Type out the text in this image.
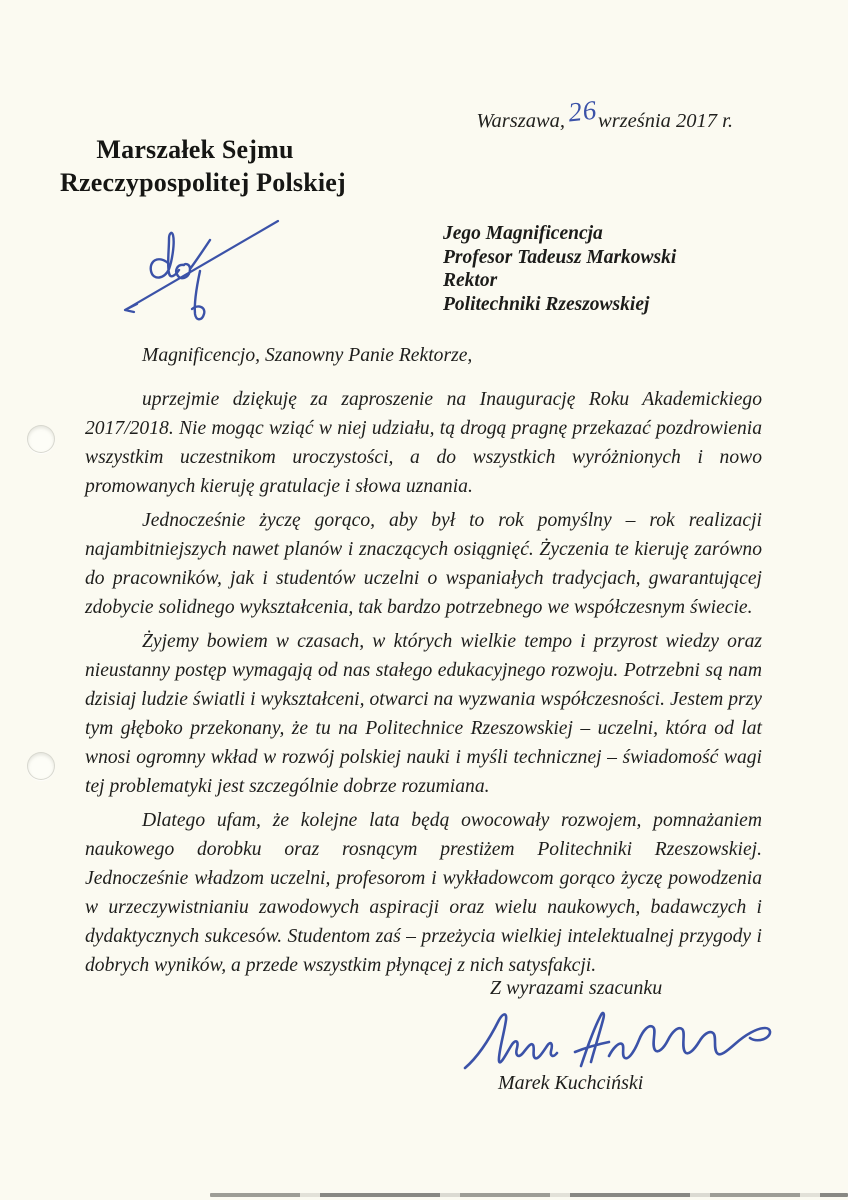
Warszawa,26września 2017 r.
Marszałek Sejmu
Rzeczypospolitej Polskiej
Jego Magnificencja
Profesor Tadeusz Markowski
Rektor
Politechniki Rzeszowskiej
Magnificencjo, Szanowny Panie Rektorze,

uprzejmie dziękuję za zaproszenie na Inaugurację Roku Akademickiego 2017/2018. Nie mogąc wziąć w niej udziału, tą drogą pragnę przekazać pozdrowienia wszystkim uczestnikom uroczystości, a do wszystkich wyróżnionych i nowo promowanych kieruję gratulacje i słowa uznania.

Jednocześnie życzę gorąco, aby był to rok pomyślny – rok realizacji najambitniejszych nawet planów i znaczących osiągnięć. Życzenia te kieruję zarówno do pracowników, jak i studentów uczelni o wspaniałych tradycjach, gwarantującej zdobycie solidnego wykształcenia, tak bardzo potrzebnego we współczesnym świecie.

Żyjemy bowiem w czasach, w których wielkie tempo i przyrost wiedzy oraz nieustanny postęp wymagają od nas stałego edukacyjnego rozwoju. Potrzebni są nam dzisiaj ludzie światli i wykształceni, otwarci na wyzwania współczesności. Jestem przy tym głęboko przekonany, że tu na Politechnice Rzeszowskiej – uczelni, która od lat wnosi ogromny wkład w rozwój polskiej nauki i myśli technicznej – świadomość wagi tej problematyki jest szczególnie dobrze rozumiana.

Dlatego ufam, że kolejne lata będą owocowały rozwojem, pomnażaniem naukowego dorobku oraz rosnącym prestiżem Politechniki Rzeszowskiej. Jednocześnie władzom uczelni, profesorom i wykładowcom gorąco życzę powodzenia w urzeczywistnianiu zawodowych aspiracji oraz wielu naukowych, badawczych i dydaktycznych sukcesów. Studentom zaś – przeżycia wielkiej intelektualnej przygody i dobrych wyników, a przede wszystkim płynącej z nich satysfakcji.

Z wyrazami szacunku
Marek Kuchciński
